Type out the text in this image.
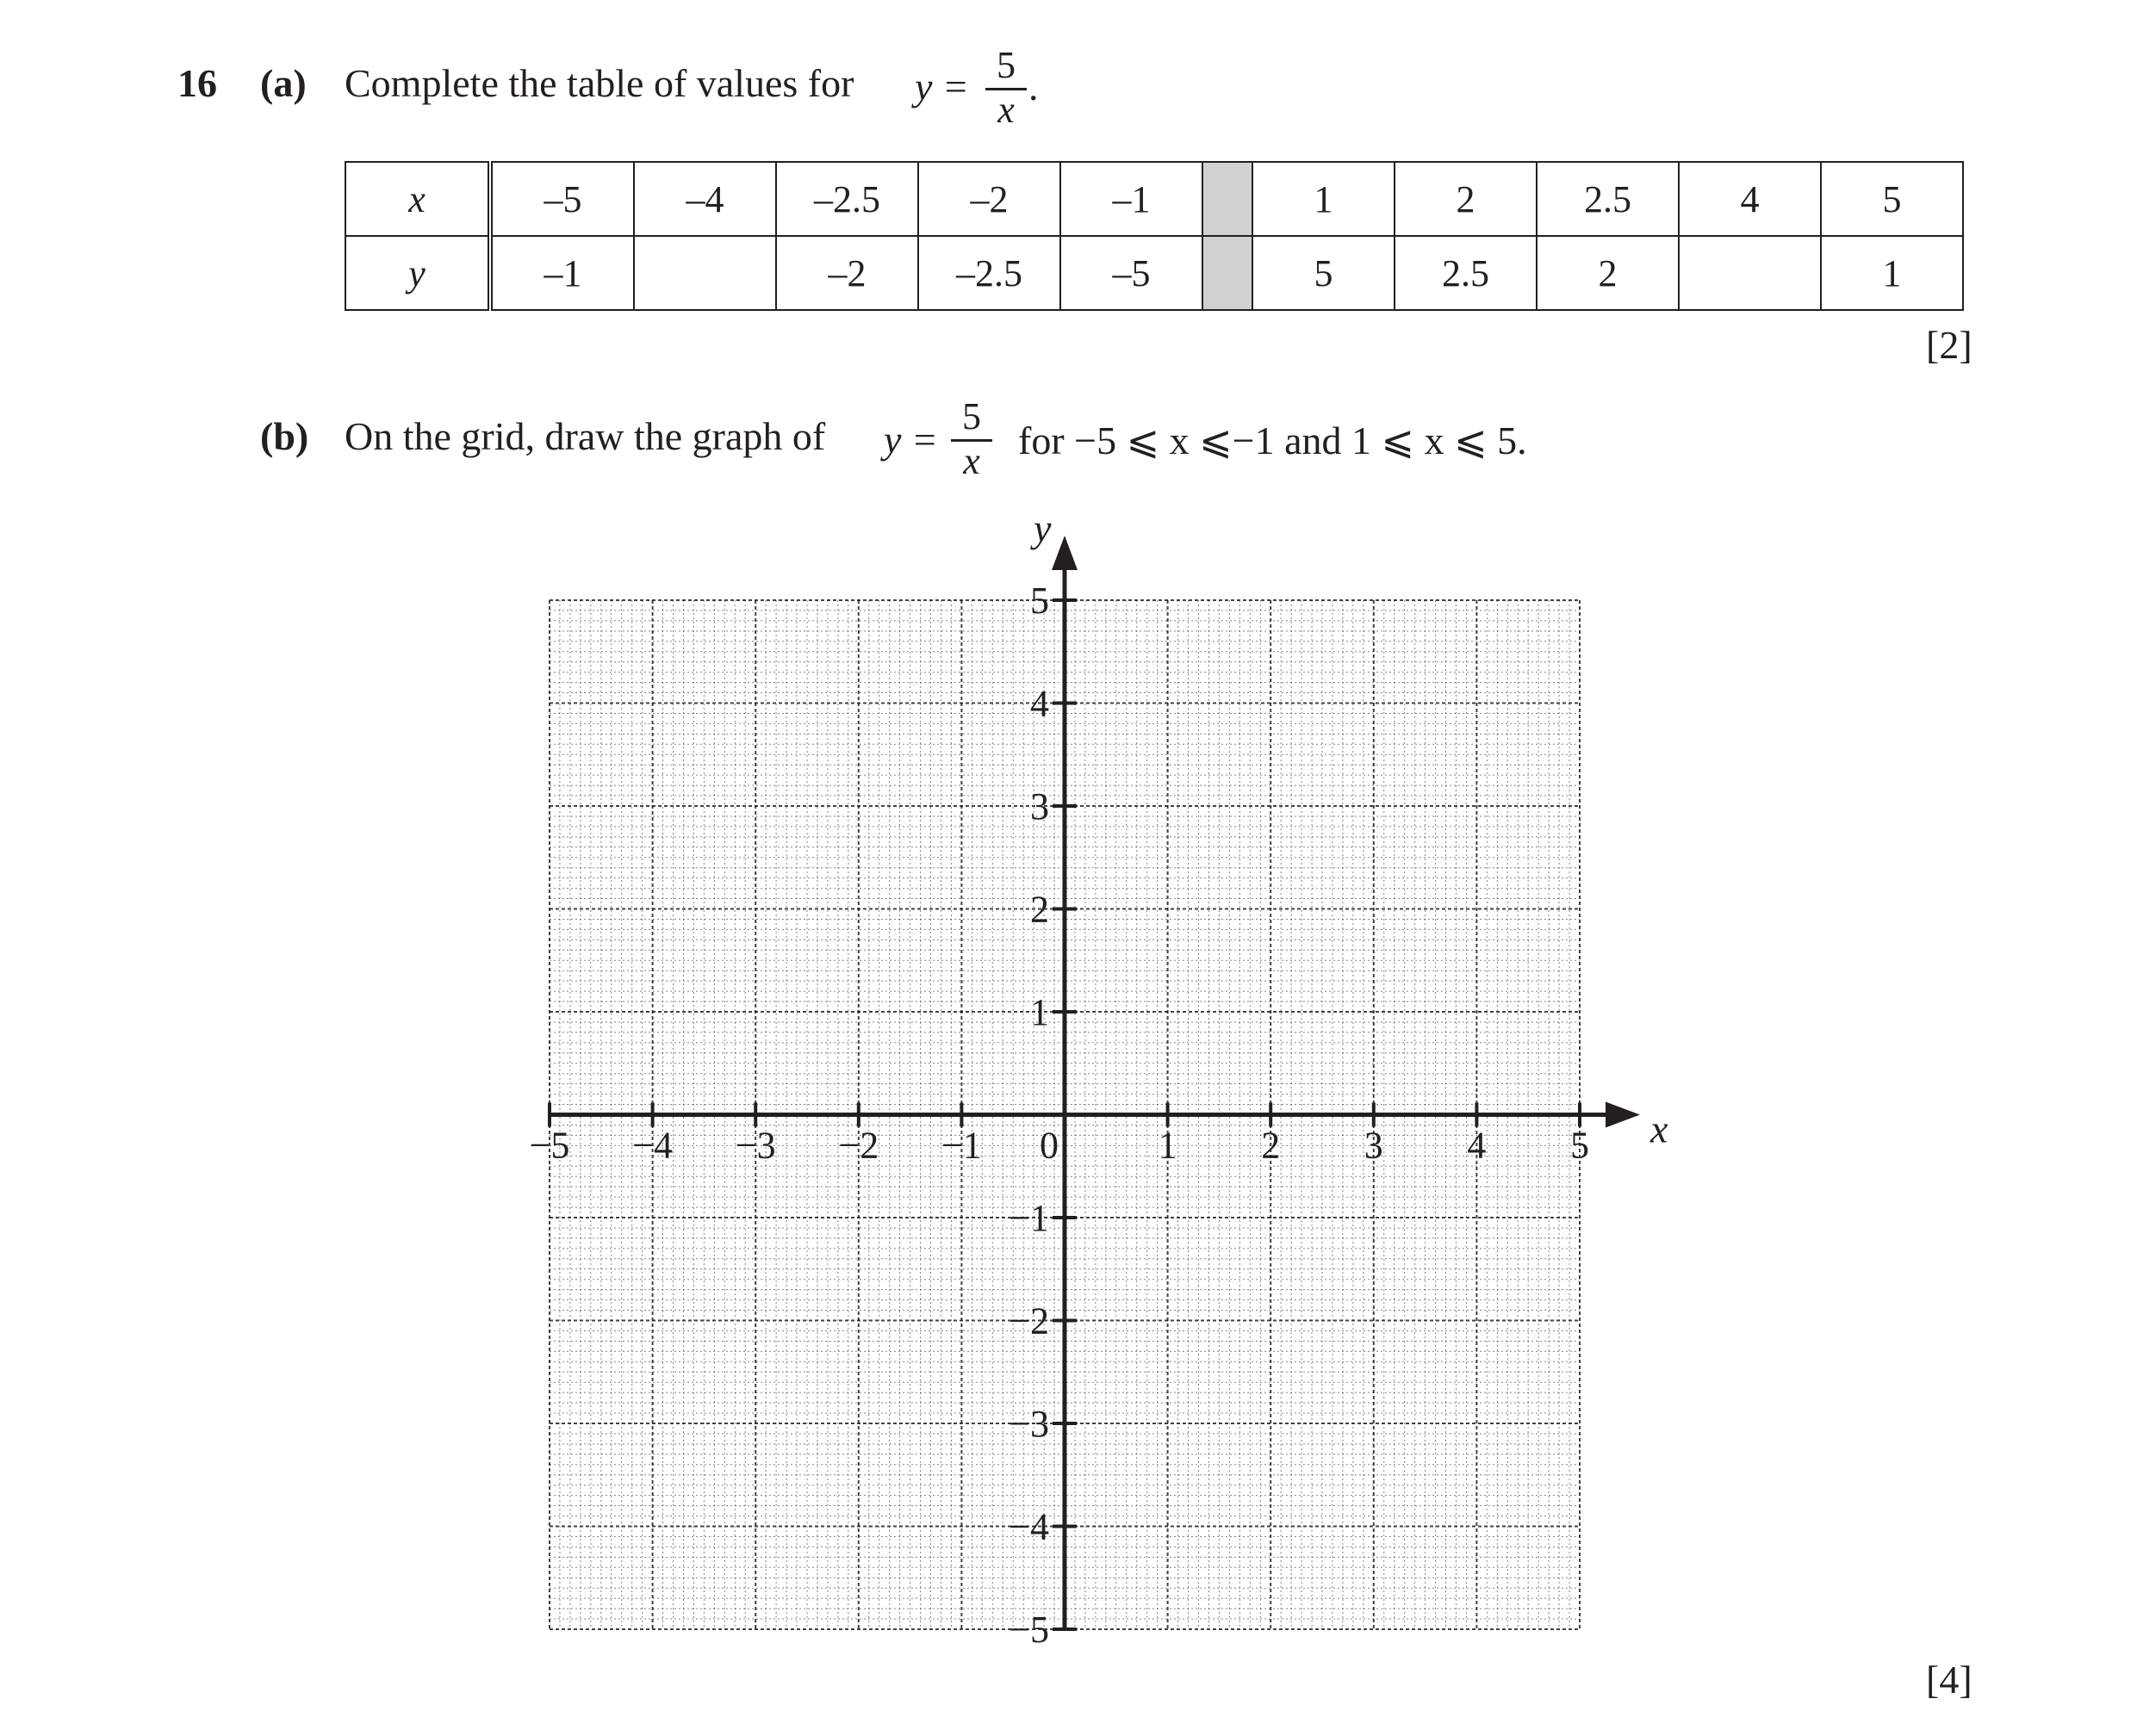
16 (a) Complete the table of values for y = 5
x
.
x	–5	–4	–2.5	–2	–1		1	2	2.5	4	5
y	–1		–2	–2.5	–5		5	2.5	2		1
[2]
(b) On the grid, draw the graph of y =
5
x for −5 ⩽ x ⩽−1 and 1 ⩽ x ⩽ 5.
x
y
−5 −4 −3 −2 −1 0	1 2 3 4 5
5
4
3
2
1
−1
−2
−3
−4
−5
[4]
